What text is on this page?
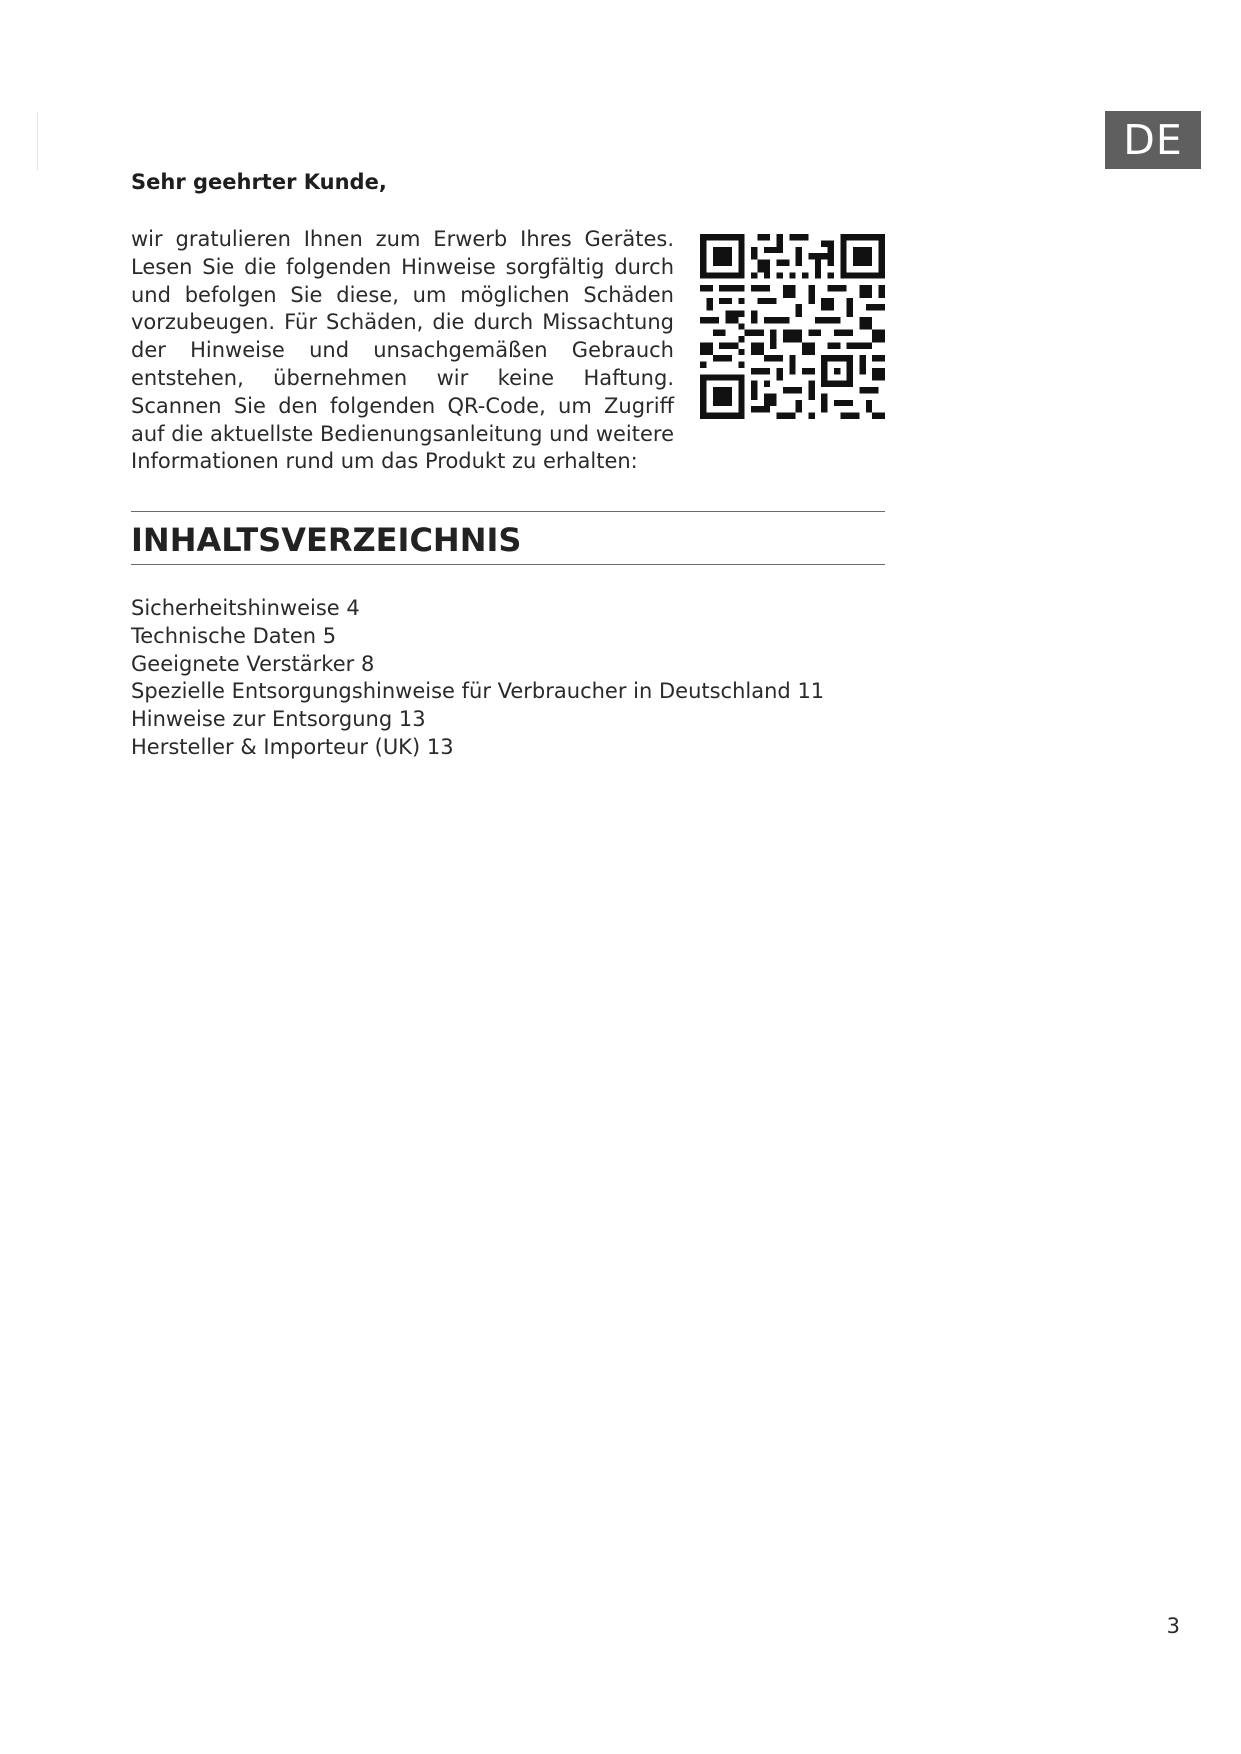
DE
Sehr geehrter Kunde,
wir gratulieren Ihnen zum Erwerb Ihres Gerätes. Lesen Sie die folgenden Hinweise sorgfältig durch und befolgen Sie diese, um möglichen Schäden vorzubeugen. Für Schäden, die durch Missachtung der Hinweise und unsachgemäßen Gebrauch entstehen, übernehmen wir keine Haftung. Scannen Sie den folgenden QR-Code, um Zugriff auf die aktuellste Bedienungsanleitung und weitere Informationen rund um das Produkt zu erhalten:
INHALTSVERZEICHNIS
Sicherheitshinweise 4
Technische Daten 5
Geeignete Verstärker 8
Spezielle Entsorgungshinweise für Verbraucher in Deutschland 11
Hinweise zur Entsorgung 13
Hersteller & Importeur (UK) 13
3
